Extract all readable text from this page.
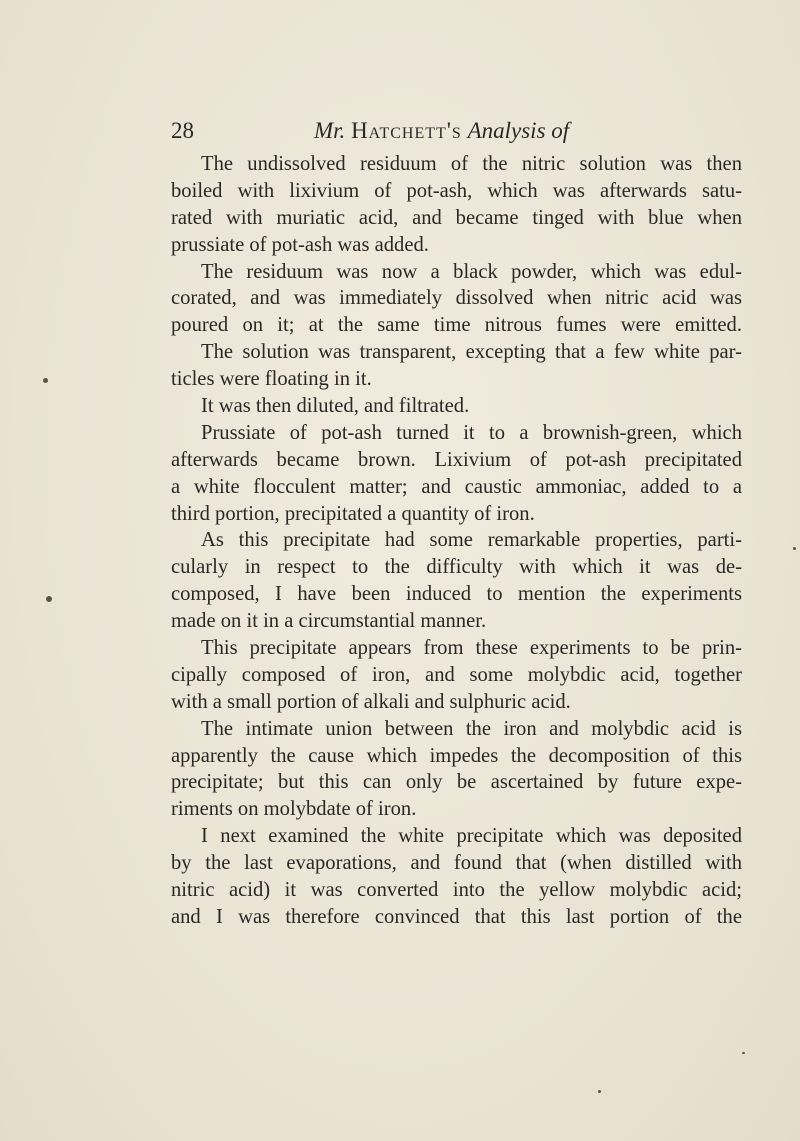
28	Mr. Hatchett's Analysis of
The undissolved residuum of the nitric solution was then
boiled with lixivium of pot-ash, which was afterwards satu-
rated with muriatic acid, and became tinged with blue when
prussiate of pot-ash was added.
The residuum was now a black powder, which was edul-
corated, and was immediately dissolved when nitric acid was
poured on it; at the same time nitrous fumes were emitted.
The solution was transparent, excepting that a few white par-
ticles were floating in it.
It was then diluted, and filtrated.
Prussiate of pot-ash turned it to a brownish-green, which
afterwards became brown. Lixivium of pot-ash precipitated
a white flocculent matter; and caustic ammoniac, added to a
third portion, precipitated a quantity of iron.
As this precipitate had some remarkable properties, parti-
cularly in respect to the difficulty with which it was de-
composed, I have been induced to mention the experiments
made on it in a circumstantial manner.
This precipitate appears from these experiments to be prin-
cipally composed of iron, and some molybdic acid, together
with a small portion of alkali and sulphuric acid.
The intimate union between the iron and molybdic acid is
apparently the cause which impedes the decomposition of this
precipitate; but this can only be ascertained by future expe-
riments on molybdate of iron.
I next examined the white precipitate which was deposited
by the last evaporations, and found that (when distilled with
nitric acid) it was converted into the yellow molybdic acid;
and I was therefore convinced that this last portion of the
